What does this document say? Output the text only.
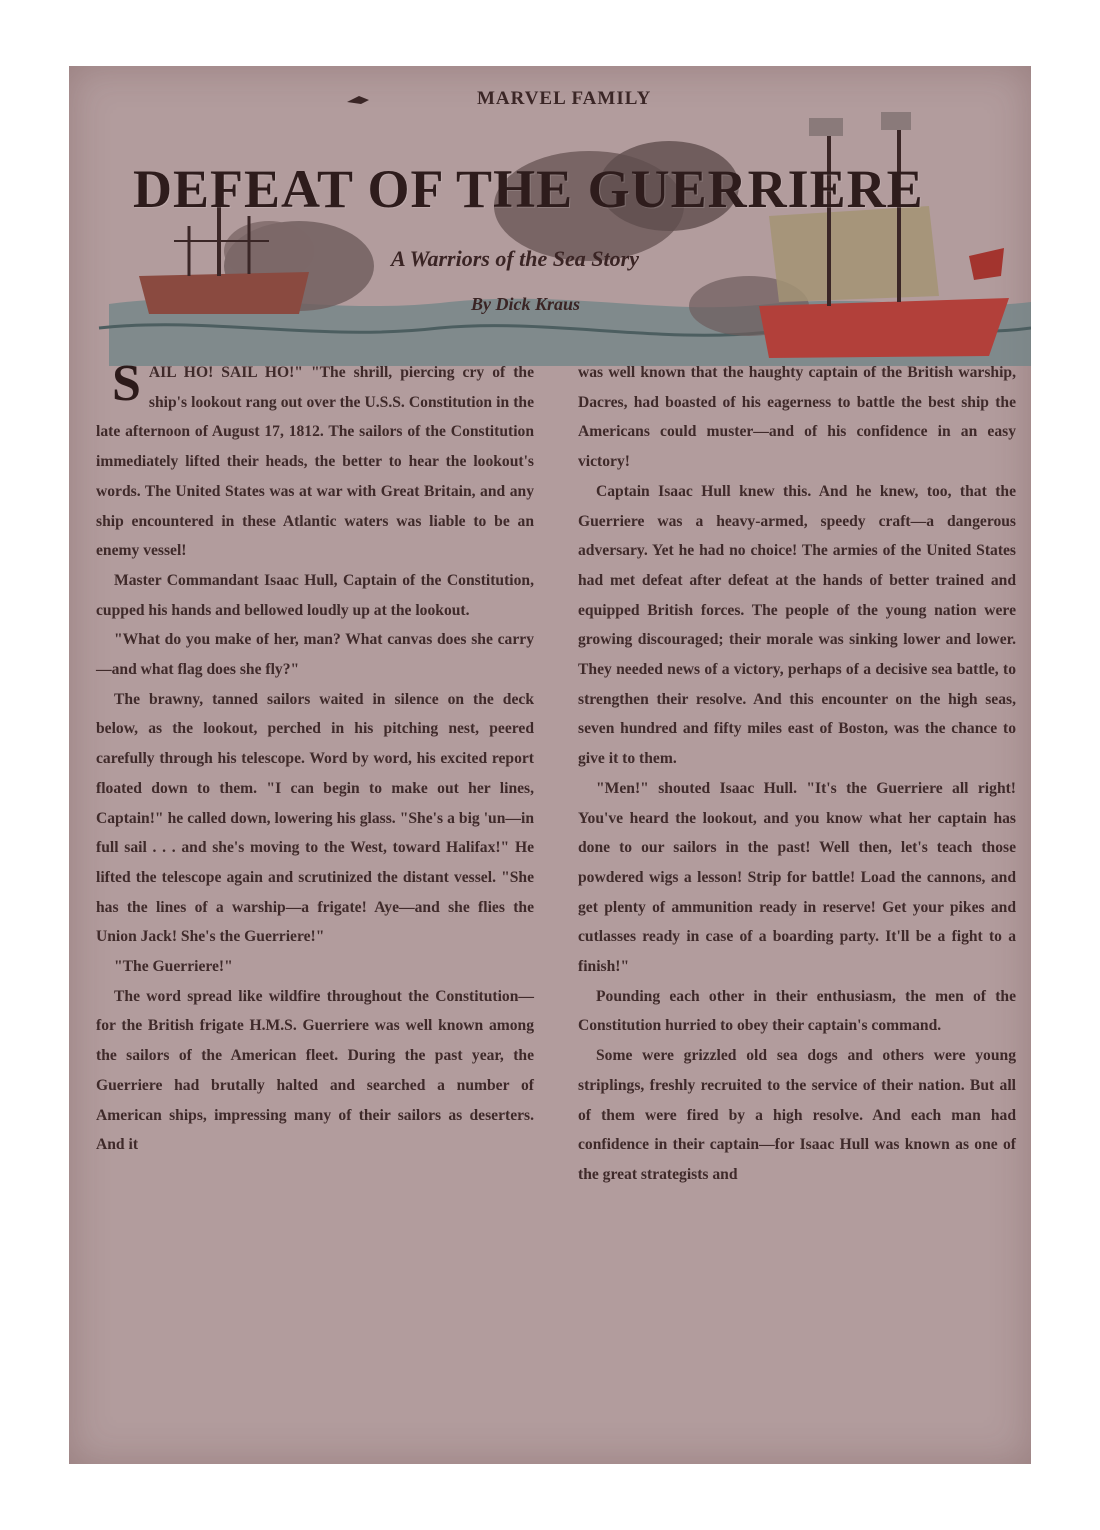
MARVEL FAMILY
DEFEAT OF THE GUERRIERE
A Warriors of the Sea Story
By Dick Kraus
S AIL HO! SAIL HO!" "The shrill, piercing cry of the ship's lookout rang out over the U.S.S. Constitution in the late afternoon of August 17, 1812. The sailors of the Constitution immediately lifted their heads, the better to hear the lookout's words. The United States was at war with Great Britain, and any ship encountered in these Atlantic waters was liable to be an enemy vessel!

Master Commandant Isaac Hull, Captain of the Constitution, cupped his hands and bellowed loudly up at the lookout.

"What do you make of her, man? What canvas does she carry—and what flag does she fly?"

The brawny, tanned sailors waited in silence on the deck below, as the lookout, perched in his pitching nest, peered carefully through his telescope. Word by word, his excited report floated down to them. "I can begin to make out her lines, Captain!" he called down, lowering his glass. "She's a big 'un—in full sail . . . and she's moving to the West, toward Halifax!" He lifted the telescope again and scrutinized the distant vessel. "She has the lines of a warship—a frigate! Aye—and she flies the Union Jack! She's the Guerriere!"

"The Guerriere!"

The word spread like wildfire throughout the Constitution—for the British frigate H.M.S. Guerriere was well known among the sailors of the American fleet. During the past year, the Guerriere had brutally halted and searched a number of American ships, impressing many of their sailors as deserters. And it

was well known that the haughty captain of the British warship, Dacres, had boasted of his eagerness to battle the best ship the Americans could muster—and of his confidence in an easy victory!

Captain Isaac Hull knew this. And he knew, too, that the Guerriere was a heavy-armed, speedy craft—a dangerous adversary. Yet he had no choice! The armies of the United States had met defeat after defeat at the hands of better trained and equipped British forces. The people of the young nation were growing discouraged; their morale was sinking lower and lower. They needed news of a victory, perhaps of a decisive sea battle, to strengthen their resolve. And this encounter on the high seas, seven hundred and fifty miles east of Boston, was the chance to give it to them.

"Men!" shouted Isaac Hull. "It's the Guerriere all right! You've heard the lookout, and you know what her captain has done to our sailors in the past! Well then, let's teach those powdered wigs a lesson! Strip for battle! Load the cannons, and get plenty of ammunition ready in reserve! Get your pikes and cutlasses ready in case of a boarding party. It'll be a fight to a finish!"

Pounding each other in their enthusiasm, the men of the Constitution hurried to obey their captain's command.

Some were grizzled old sea dogs and others were young striplings, freshly recruited to the service of their nation. But all of them were fired by a high resolve. And each man had confidence in their captain—for Isaac Hull was known as one of the great strategists and
